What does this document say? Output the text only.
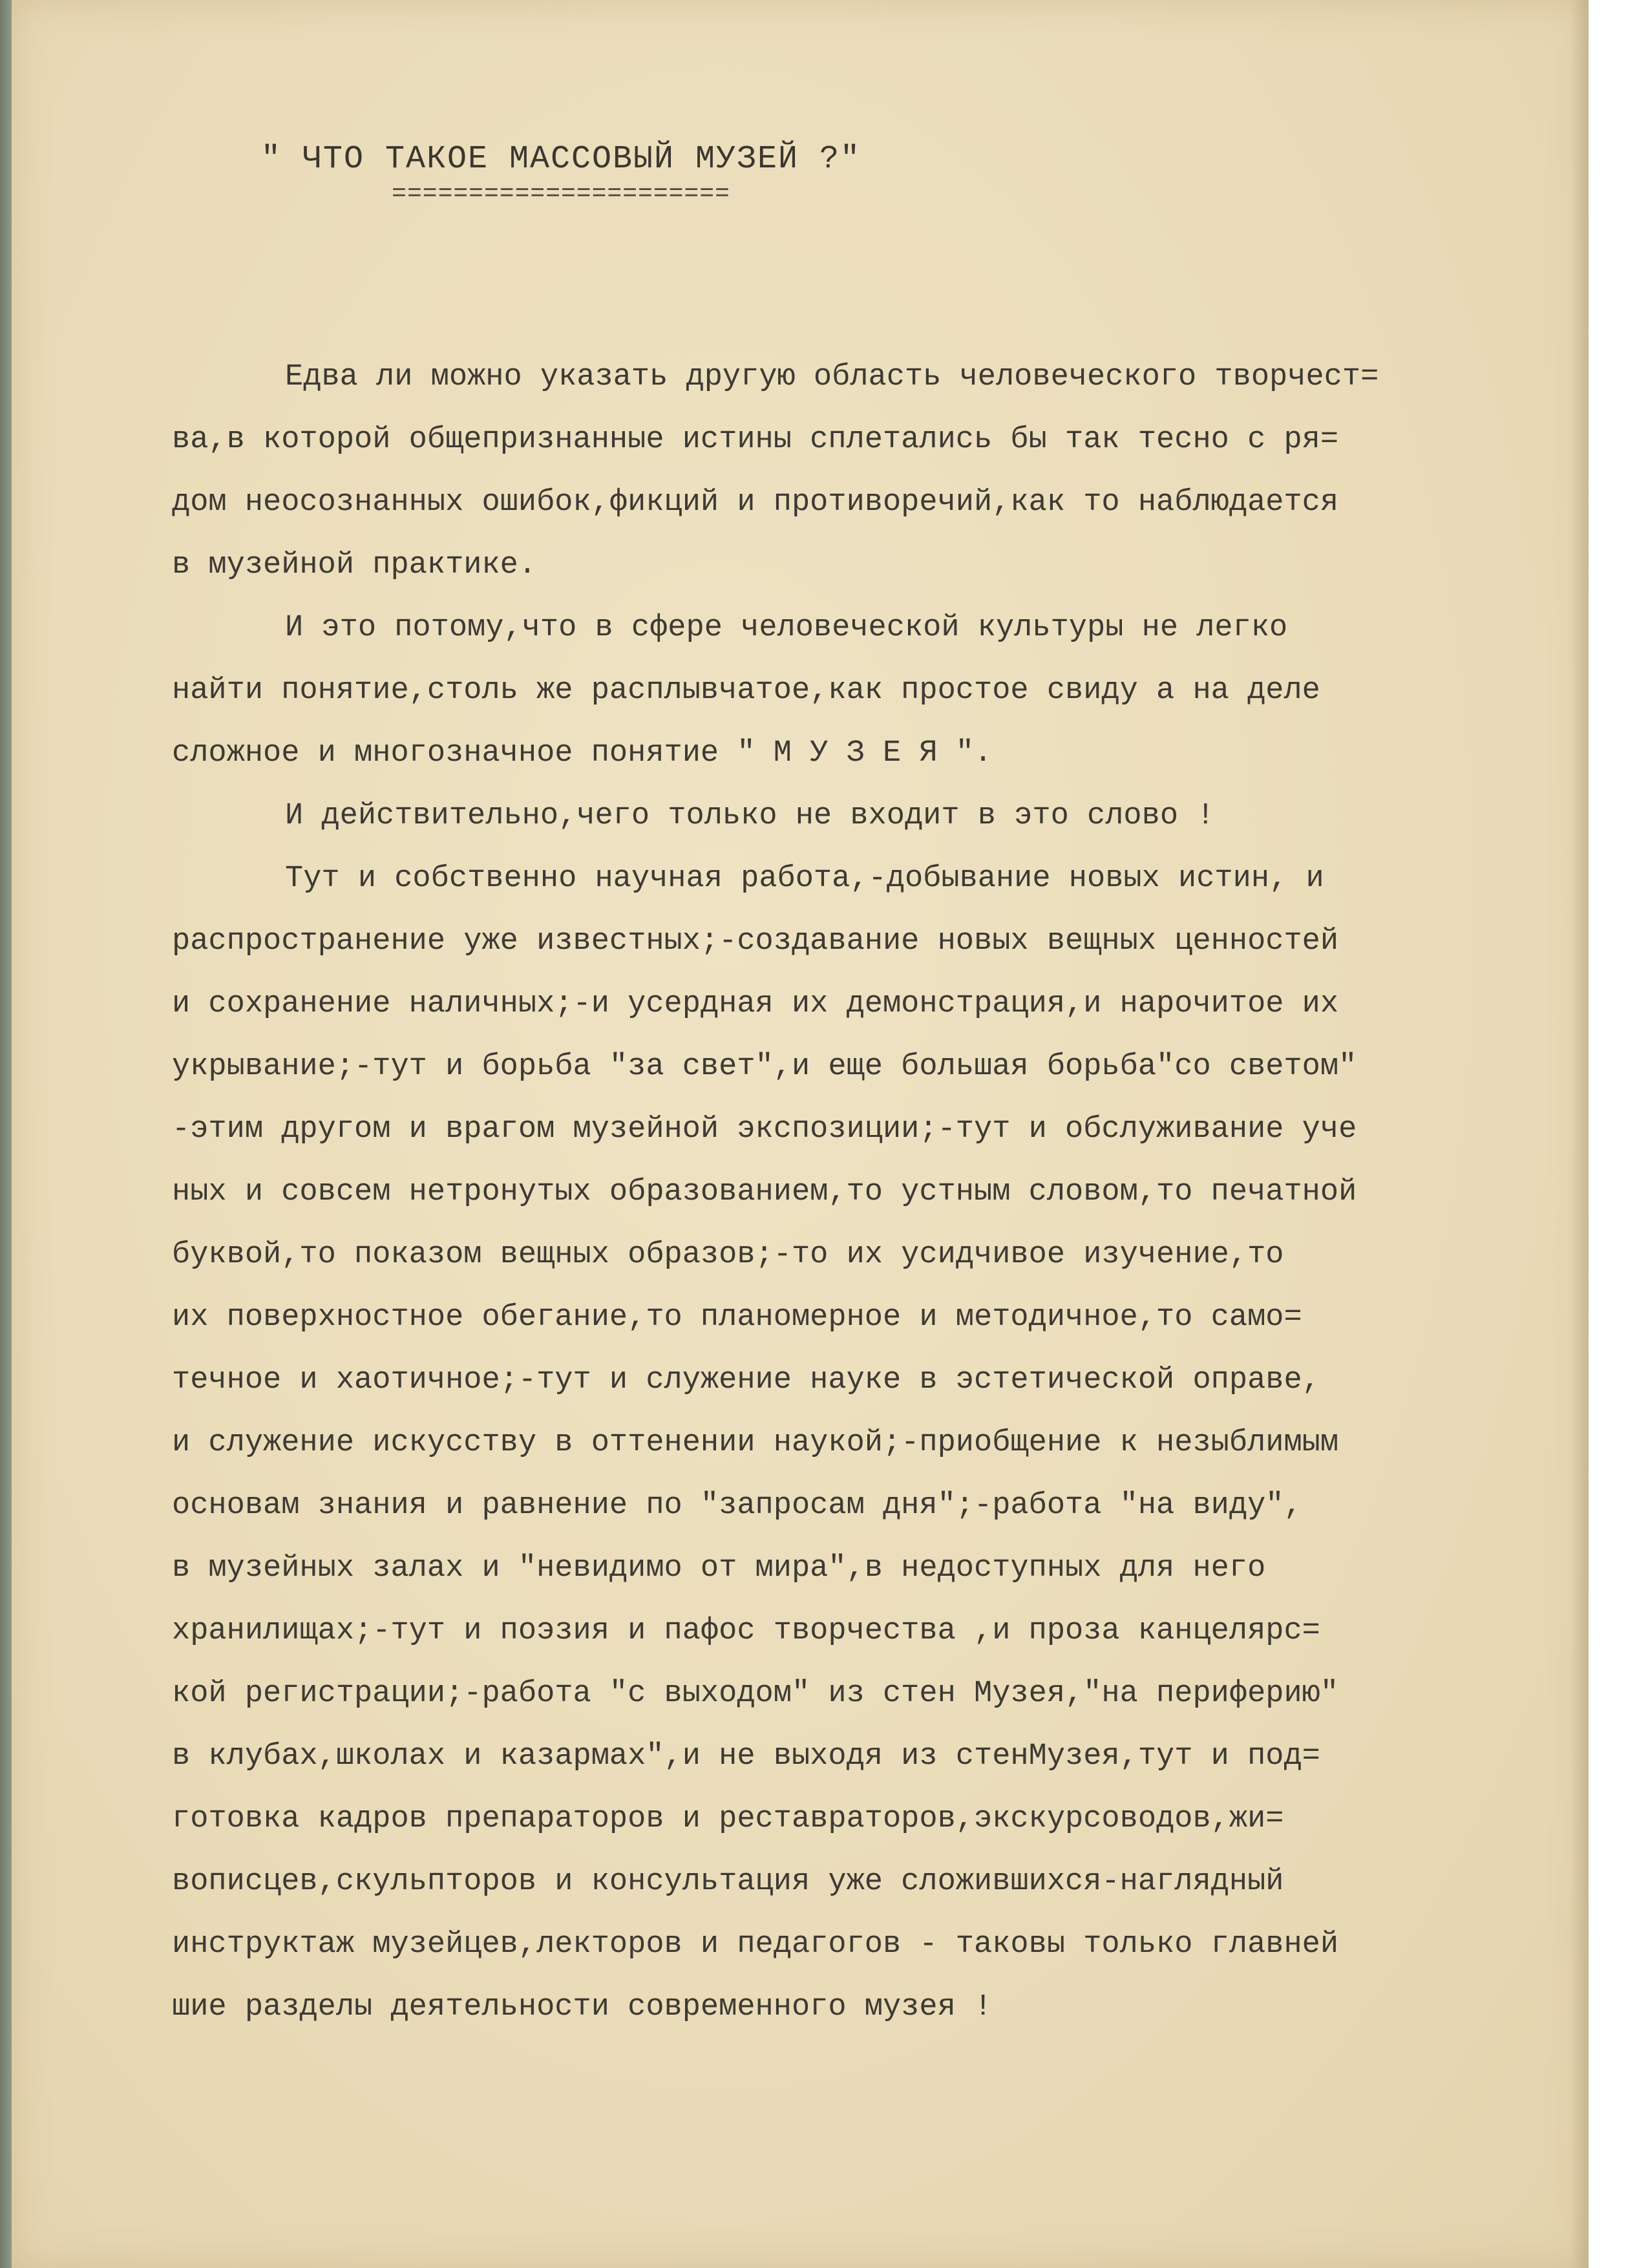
" ЧТО ТАКОЕ МАССОВЫЙ МУЗЕЙ ?"
======================
Едва ли можно указать другую область человеческого творчест=
ва,в которой общепризнанные истины сплетались бы так тесно с ря=
дом неосознанных ошибок,фикций и противоречий,как то наблюдается
в музейной практике.
И это потому,что в сфере человеческой культуры не легко
найти понятие,столь же расплывчатое,как простое свиду а на деле
сложное и многозначное понятие " М У З Е Я ".
И действительно,чего только не входит в это слово !
Тут и собственно научная работа,-добывание новых истин, и
распространение уже известных;-создавание новых вещных ценностей
и сохранение наличных;-и усердная их демонстрация,и нарочитое их
укрывание;-тут и борьба "за свет",и еще большая борьба"со светом"
-этим другом и врагом музейной экспозиции;-тут и обслуживание уче
ных и совсем нетронутых образованием,то устным словом,то печатной
буквой,то показом вещных образов;-то их усидчивое изучение,то
их поверхностное обегание,то планомерное и методичное,то само=
течное и хаотичное;-тут и служение науке в эстетической оправе,
и служение искусству в оттенении наукой;-приобщение к незыблимым
основам знания и равнение по "запросам дня";-работа "на виду",
в музейных залах и "невидимо от мира",в недоступных для него
хранилищах;-тут и поэзия и пафос творчества ,и проза канцелярс=
кой регистрации;-работа "с выходом" из стен Музея,"на периферию"
в клубах,школах и казармах",и не выходя из стенМузея,тут и под=
готовка кадров препараторов и реставраторов,экскурсоводов,жи=
вописцев,скульпторов и консультация уже сложившихся-наглядный
инструктаж музейцев,лекторов и педагогов - таковы только главней
шие разделы деятельности современного музея !
